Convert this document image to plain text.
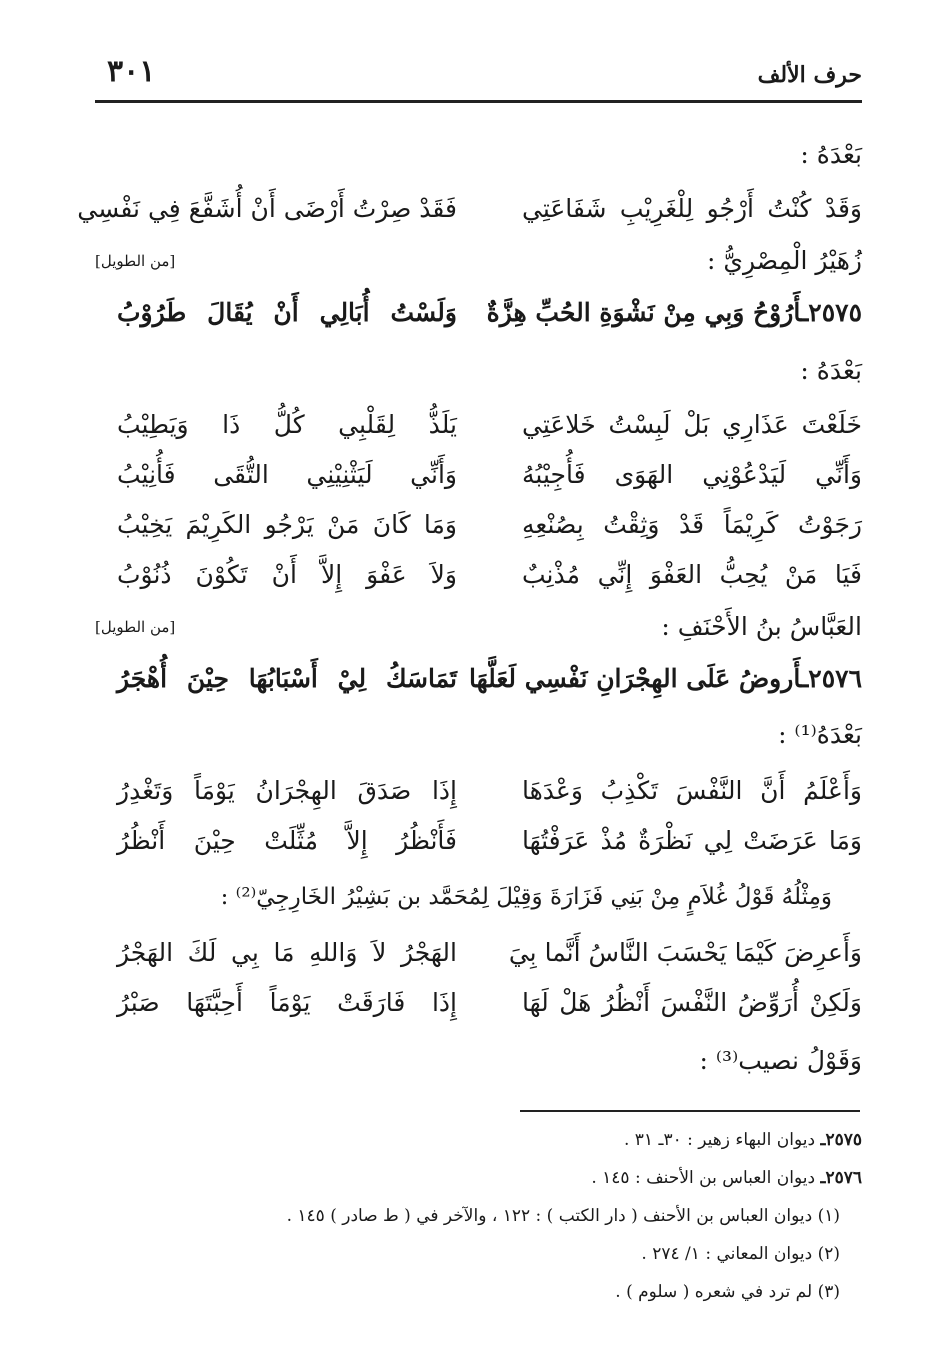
حرف الألف
٣٠١
بَعْدَهُ :
وَقَدْ كُنْتُ أَرْجُو لِلْغَرِيْبِ شَفَاعَتِي
فَقَدْ صِرْتُ أَرْضَى أَنْ أُشَفَّعَ فِي نَفْسِي
زُهَيْرُ الْمِصْرِيُّ :
[من الطويل]
٢٥٧٥ـأَرُوْحُ وَبِي مِنْ نَشْوَةِ الحُبِّ هِزَّةٌ
وَلَسْتُ أُبَالِي أَنْ يُقَالَ طَرُوْبُ
بَعْدَهُ :
خَلَعْتَ عَذَارِي بَلْ لَبِسْتُ خَلاعَتِي
يَلَذُّ لِقَلْبِي كُلُّ ذَا وَيَطِيْبُ
وَأَنِّي لَيَدْعُوْنِي الهَوَى فَأُجِيْبُهُ
وَأَنِّي لَيَثْنِيْنِي التُّقَى فَأُنِيْبُ
رَجَوْتُ كَرِيْمَاً قَدْ وَثِقْتُ بِصُنْعِهِ
وَمَا كَانَ مَنْ يَرْجُو الكَرِيْمَ يَخِيْبُ
فَيَا مَنْ يُحِبُّ العَفْوَ إِنِّي مُذْنِبٌ
وَلاَ عَفْوَ إِلاَّ أَنْ تَكُوْنَ ذُنُوْبُ
العَبَّاسُ بنُ الأَحْنَفِ :
[من الطويل]
٢٥٧٦ـأَروضُ عَلَى الهِجْرَانِ نَفْسِي لَعَلَّهَا
تَمَاسَكُ لِيْ أَسْبَابُهَا حِيْنَ أُهْجَرُ
بَعْدَهُ⁽¹⁾ :
وَأَعْلَمُ أَنَّ النَّفْسَ تَكْذِبُ وَعْدَهَا
إِذَا صَدَقَ الهِجْرَانُ يَوْمَاً وَتَغْدِرُ
وَمَا عَرَضَتْ لِي نَظْرَةٌ مُذْ عَرَفْتُهَا
فَأَنْظُرُ إِلاَّ مُثِّلَتْ حِيْنَ أَنْظُرُ
وَمِثْلُهُ قَوْلُ غُلاَمٍ مِنْ بَنِي فَزَارَةَ وَقِيْلَ لِمُحَمَّد بن بَشِيْرُ الخَارِجِيّ⁽²⁾ :
وَأَعرِضَ كَيْمَا يَحْسَبَ النَّاسُ أَنَّما بِيَ
الهَجْرُ لاَ وَاللهِ مَا بِي لَكَ الهَجْرُ
وَلَكِنْ أُرَوِّضُ النَّفْسَ أَنْظُرُ هَلْ لَهَا
إِذَا فَارَقَتْ يَوْمَاً أَحِبَّتَهَا صَبْرُ
وَقَوْلُ نصيب⁽³⁾ :
٢٥٧٥ـ ديوان البهاء زهير : ٣٠ـ ٣١ .
٢٥٧٦ـ ديوان العباس بن الأحنف : ١٤٥ .
(١) ديوان العباس بن الأحنف ( دار الكتب ) : ١٢٢ ، والآخر في ( ط صادر ) ١٤٥ .
(٢) ديوان المعاني : ١/ ٢٧٤ .
(٣) لم ترد في شعره ( سلوم ) .
